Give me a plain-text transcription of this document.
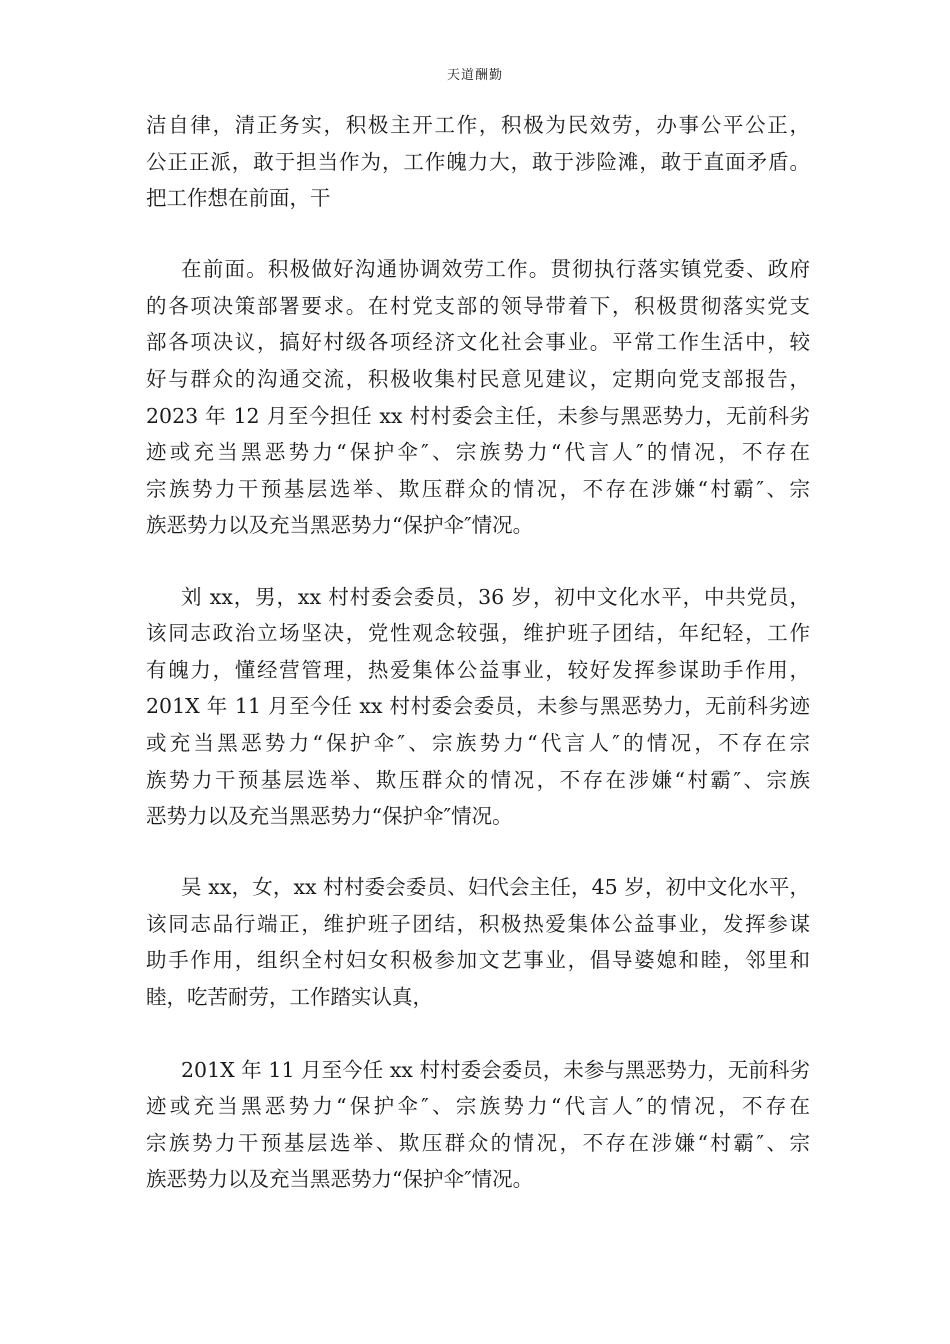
天道酬勤
洁自律，清正务实，积极主开工作，积极为民效劳，办事公平公正，
公正正派，敢于担当作为，工作魄力大，敢于涉险滩，敢于直面矛盾。
把工作想在前面，干
在前面。积极做好沟通协调效劳工作。贯彻执行落实镇党委、政府
的各项决策部署要求。在村党支部的领导带着下，积极贯彻落实党支
部各项决议，搞好村级各项经济文化社会事业。平常工作生活中，较
好与群众的沟通交流，积极收集村民意见建议，定期向党支部报告，
2023 年 12 月至今担任 xx 村村委会主任，未参与黑恶势力，无前科劣
迹或充当黑恶势力“保护伞″、宗族势力“代言人″的情况，不存在
宗族势力干预基层选举、欺压群众的情况，不存在涉嫌“村霸″、宗
族恶势力以及充当黑恶势力“保护伞″情况。
刘 xx，男，xx 村村委会委员，36 岁，初中文化水平，中共党员，
该同志政治立场坚决，党性观念较强，维护班子团结，年纪轻，工作
有魄力，懂经营管理，热爱集体公益事业，较好发挥参谋助手作用，
201X 年 11 月至今任 xx 村村委会委员，未参与黑恶势力，无前科劣迹
或充当黑恶势力“保护伞″、宗族势力“代言人″的情况，不存在宗
族势力干预基层选举、欺压群众的情况，不存在涉嫌“村霸″、宗族
恶势力以及充当黑恶势力“保护伞″情况。
吴 xx，女，xx 村村委会委员、妇代会主任，45 岁，初中文化水平，
该同志品行端正，维护班子团结，积极热爱集体公益事业，发挥参谋
助手作用，组织全村妇女积极参加文艺事业，倡导婆媳和睦，邻里和
睦，吃苦耐劳，工作踏实认真，
201X 年 11 月至今任 xx 村村委会委员，未参与黑恶势力，无前科劣
迹或充当黑恶势力“保护伞″、宗族势力“代言人″的情况，不存在
宗族势力干预基层选举、欺压群众的情况，不存在涉嫌“村霸″、宗
族恶势力以及充当黑恶势力“保护伞″情况。
